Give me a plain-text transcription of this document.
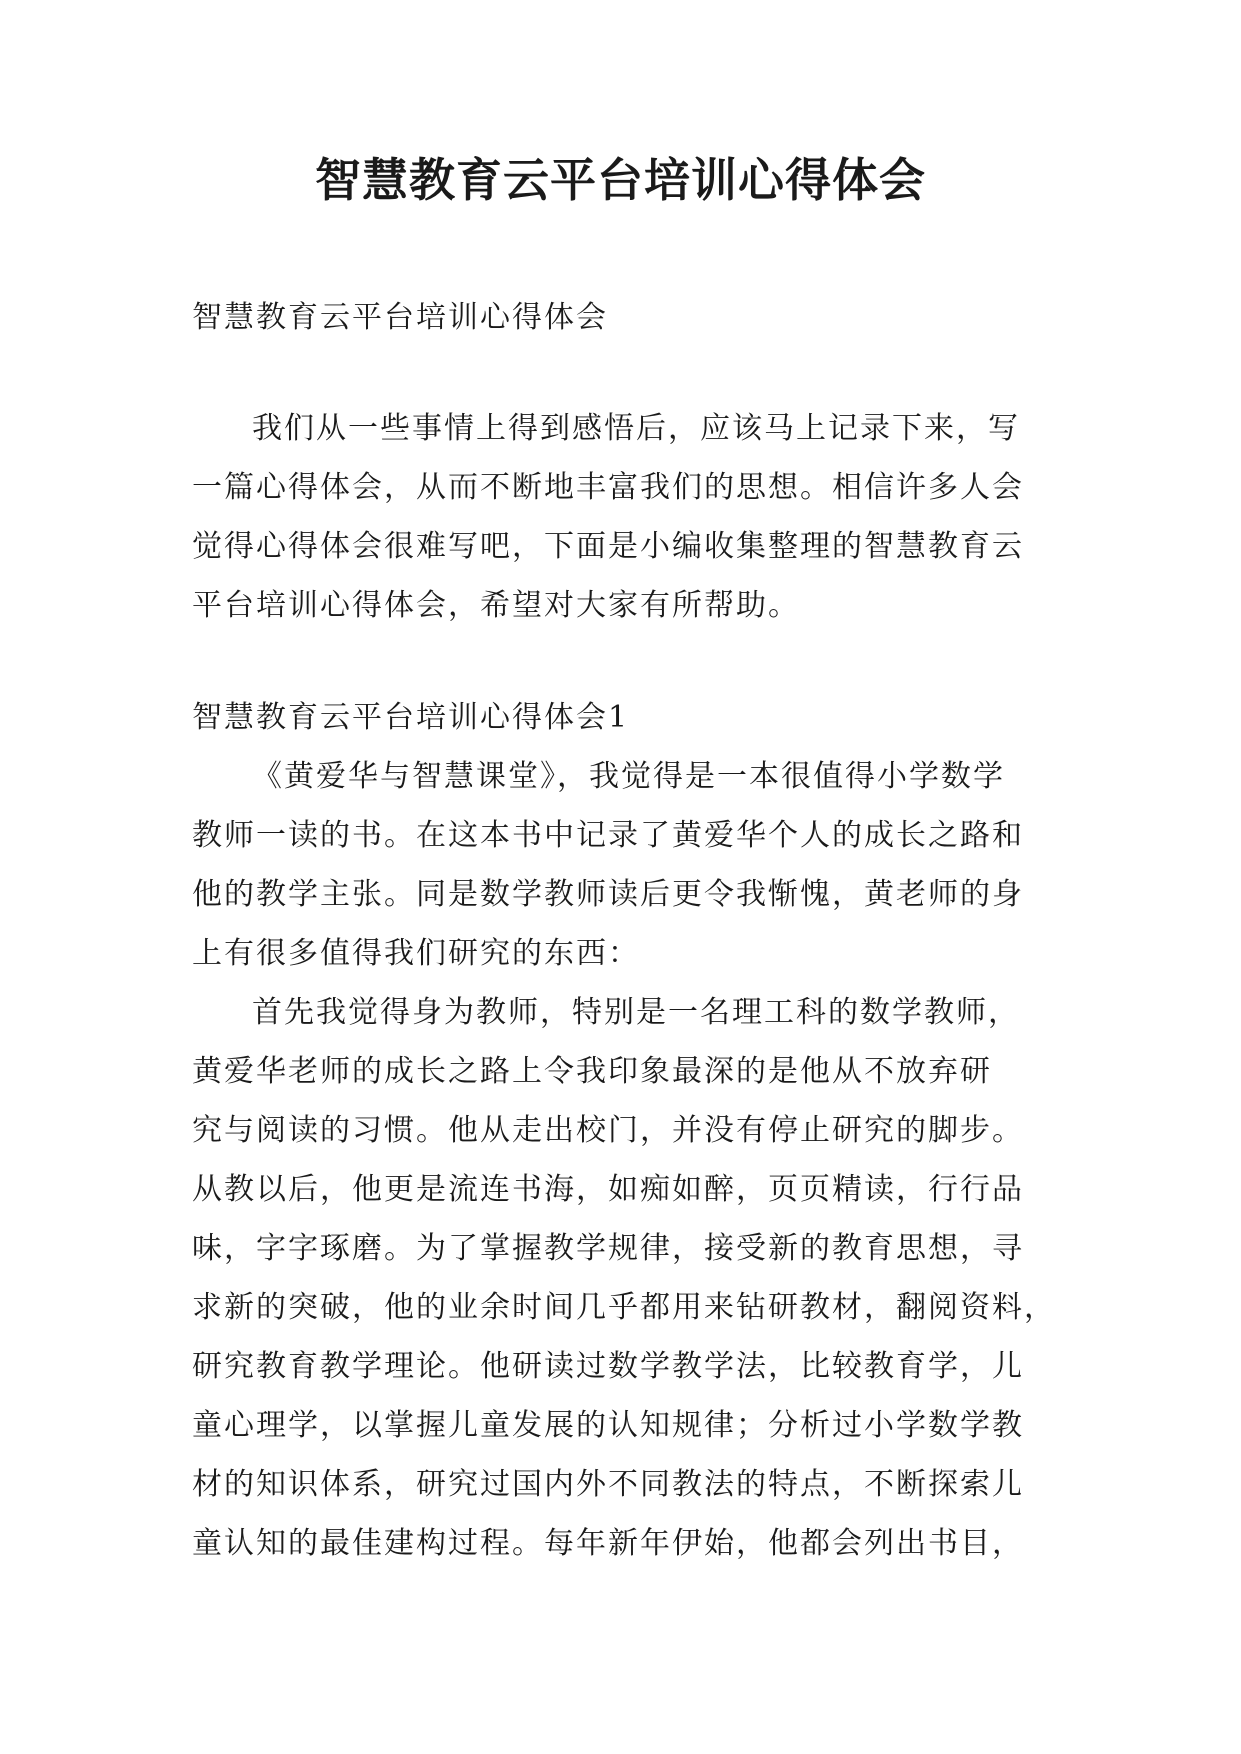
智慧教育云平台培训心得体会

智慧教育云平台培训心得体会

我们从一些事情上得到感悟后，应该马上记录下来，写

一篇心得体会，从而不断地丰富我们的思想。相信许多人会

觉得心得体会很难写吧，下面是小编收集整理的智慧教育云

平台培训心得体会，希望对大家有所帮助。

智慧教育云平台培训心得体会1

《黄爱华与智慧课堂》，我觉得是一本很值得小学数学

教师一读的书。在这本书中记录了黄爱华个人的成长之路和

他的教学主张。同是数学教师读后更令我惭愧，黄老师的身

上有很多值得我们研究的东西：

首先我觉得身为教师，特别是一名理工科的数学教师，

黄爱华老师的成长之路上令我印象最深的是他从不放弃研

究与阅读的习惯。他从走出校门，并没有停止研究的脚步。

从教以后，他更是流连书海，如痴如醉，页页精读，行行品

味，字字琢磨。为了掌握教学规律，接受新的教育思想，寻

求新的突破，他的业余时间几乎都用来钻研教材，翻阅资料，

研究教育教学理论。他研读过数学教学法，比较教育学，儿

童心理学，以掌握儿童发展的认知规律；分析过小学数学教

材的知识体系，研究过国内外不同教法的特点，不断探索儿

童认知的最佳建构过程。每年新年伊始，他都会列出书目，
